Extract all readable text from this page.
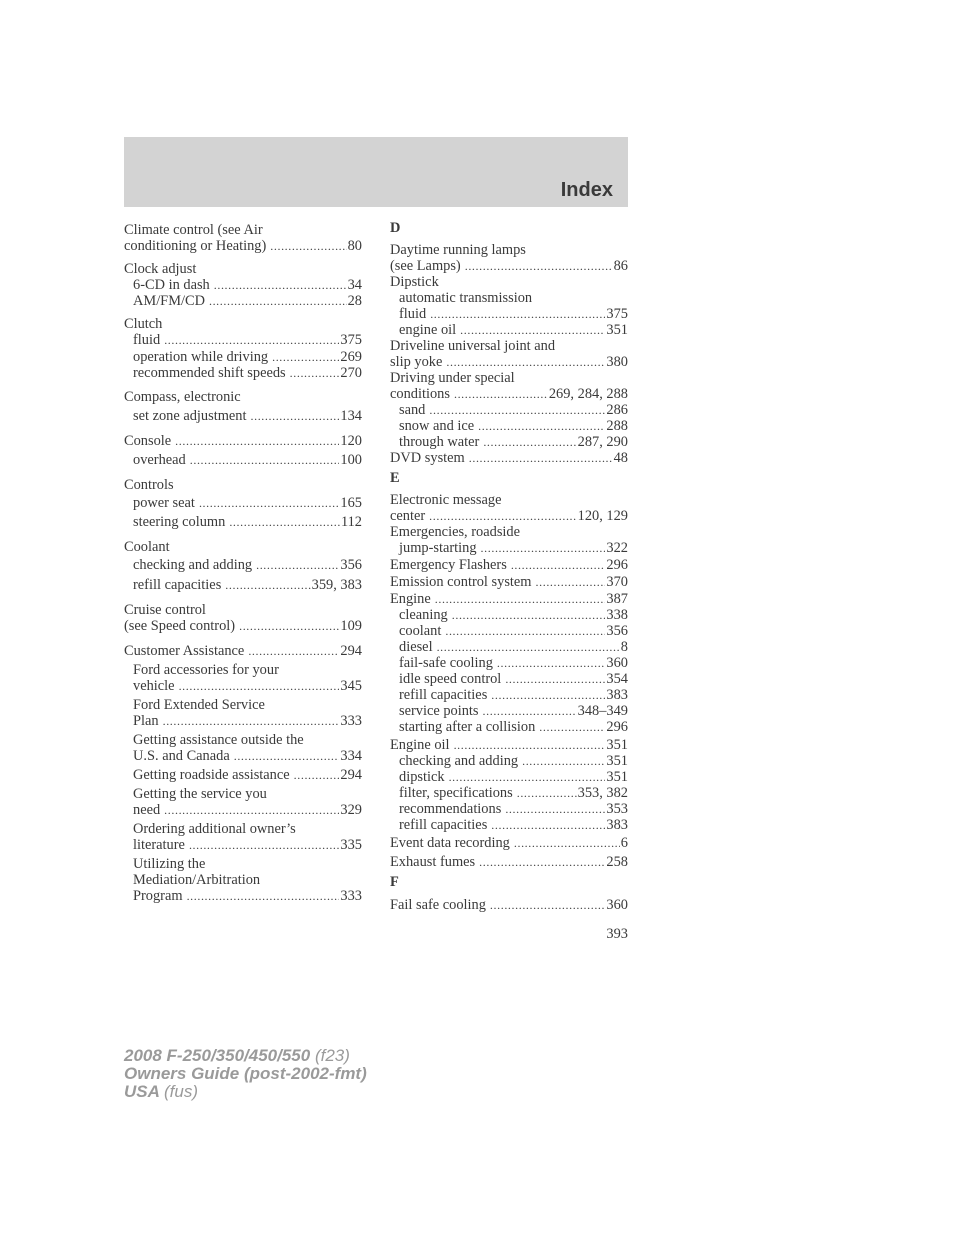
Index
Climate control (see Air
conditioning or Heating) .....	80
Clock adjust
6-CD in dash .....	34
AM/FM/CD .....	28
Clutch
fluid .....	375
operation while driving .....	269
recommended shift speeds .....	270
Compass, electronic
set zone adjustment .....	134
Console .....	120
overhead .....	100
Controls
power seat .....	165
steering column .....	112
Coolant
checking and adding .....	356
refill capacities .....	359, 383
Cruise control
(see Speed control) .....	109
Customer Assistance .....	294
Ford accessories for your
vehicle .....	345
Ford Extended Service
Plan .....	333
Getting assistance outside the
U.S. and Canada .....	334
Getting roadside assistance .....	294
Getting the service you
need .....	329
Ordering additional owner’s
literature .....	335
Utilizing the
Mediation/Arbitration
Program .....	333
D
Daytime running lamps
(see Lamps) .....	86
Dipstick
automatic transmission
fluid .....	375
engine oil .....	351
Driveline universal joint and
slip yoke .....	380
Driving under special
conditions .....	269, 284, 288
sand .....	286
snow and ice .....	288
through water .....	287, 290
DVD system .....	48
E
Electronic message
center .....	120, 129
Emergencies, roadside
jump-starting .....	322
Emergency Flashers .....	296
Emission control system .....	370
Engine .....	387
cleaning .....	338
coolant .....	356
diesel .....	8
fail-safe cooling .....	360
idle speed control .....	354
refill capacities .....	383
service points .....	348–349
starting after a collision .....	296
Engine oil .....	351
checking and adding .....	351
dipstick .....	351
filter, specifications .....	353, 382
recommendations .....	353
refill capacities .....	383
Event data recording .....	6
Exhaust fumes .....	258
F
Fail safe cooling .....	360
393
2008 F-250/350/450/550 (f23)
Owners Guide (post-2002-fmt)
USA (fus)
